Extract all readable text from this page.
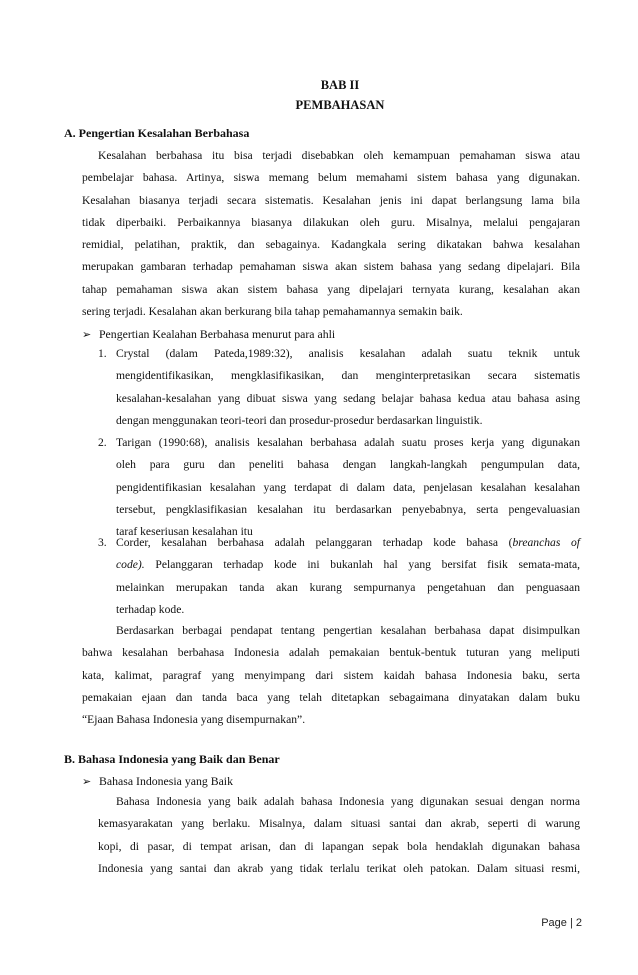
BAB II
PEMBAHASAN
A. Pengertian Kesalahan Berbahasa

Kesalahan berbahasa itu bisa terjadi disebabkan oleh kemampuan pemahaman siswa atau

pembelajar bahasa. Artinya, siswa memang belum memahami sistem bahasa yang digunakan.

Kesalahan biasanya terjadi secara sistematis. Kesalahan jenis ini dapat berlangsung lama bila

tidak diperbaiki. Perbaikannya biasanya dilakukan oleh guru. Misalnya, melalui pengajaran

remidial, pelatihan, praktik, dan sebagainya. Kadangkala sering dikatakan bahwa kesalahan

merupakan gambaran terhadap pemahaman siswa akan sistem bahasa yang sedang dipelajari. Bila

tahap pemahaman siswa akan sistem bahasa yang dipelajari ternyata kurang, kesalahan akan

sering terjadi. Kesalahan akan berkurang bila tahap pemahamannya semakin baik.

➢ Pengertian Kealahan Berbahasa menurut para ahli
1. Crystal (dalam Pateda,1989:32), analisis kesalahan adalah suatu teknik untuk

mengidentifikasikan, mengklasifikasikan, dan menginterpretasikan secara sistematis

kesalahan-kesalahan yang dibuat siswa yang sedang belajar bahasa kedua atau bahasa asing

dengan menggunakan teori-teori dan prosedur-prosedur berdasarkan linguistik.

2. Tarigan (1990:68), analisis kesalahan berbahasa adalah suatu proses kerja yang digunakan

oleh para guru dan peneliti bahasa dengan langkah-langkah pengumpulan data,

pengidentifikasian kesalahan yang terdapat di dalam data, penjelasan kesalahan kesalahan

tersebut, pengklasifikasian kesalahan itu berdasarkan penyebabnya, serta pengevaluasian

taraf keseriusan kesalahan itu

3. Corder, kesalahan berbahasa adalah pelanggaran terhadap kode bahasa (breanchas of

code). Pelanggaran terhadap kode ini bukanlah hal yang bersifat fisik semata-mata,

melainkan merupakan tanda akan kurang sempurnanya pengetahuan dan penguasaan

terhadap kode.

Berdasarkan berbagai pendapat tentang pengertian kesalahan berbahasa dapat disimpulkan

bahwa kesalahan berbahasa Indonesia adalah pemakaian bentuk-bentuk tuturan yang meliputi

kata, kalimat, paragraf yang menyimpang dari sistem kaidah bahasa Indonesia baku, serta

pemakaian ejaan dan tanda baca yang telah ditetapkan sebagaimana dinyatakan dalam buku

“Ejaan Bahasa Indonesia yang disempurnakan”.

B. Bahasa Indonesia yang Baik dan Benar
➢ Bahasa Indonesia yang Baik

Bahasa Indonesia yang baik adalah bahasa Indonesia yang digunakan sesuai dengan norma

kemasyarakatan yang berlaku. Misalnya, dalam situasi santai dan akrab, seperti di warung

kopi, di pasar, di tempat arisan, dan di lapangan sepak bola hendaklah digunakan bahasa

Indonesia yang santai dan akrab yang tidak terlalu terikat oleh patokan. Dalam situasi resmi,

Page | 2
